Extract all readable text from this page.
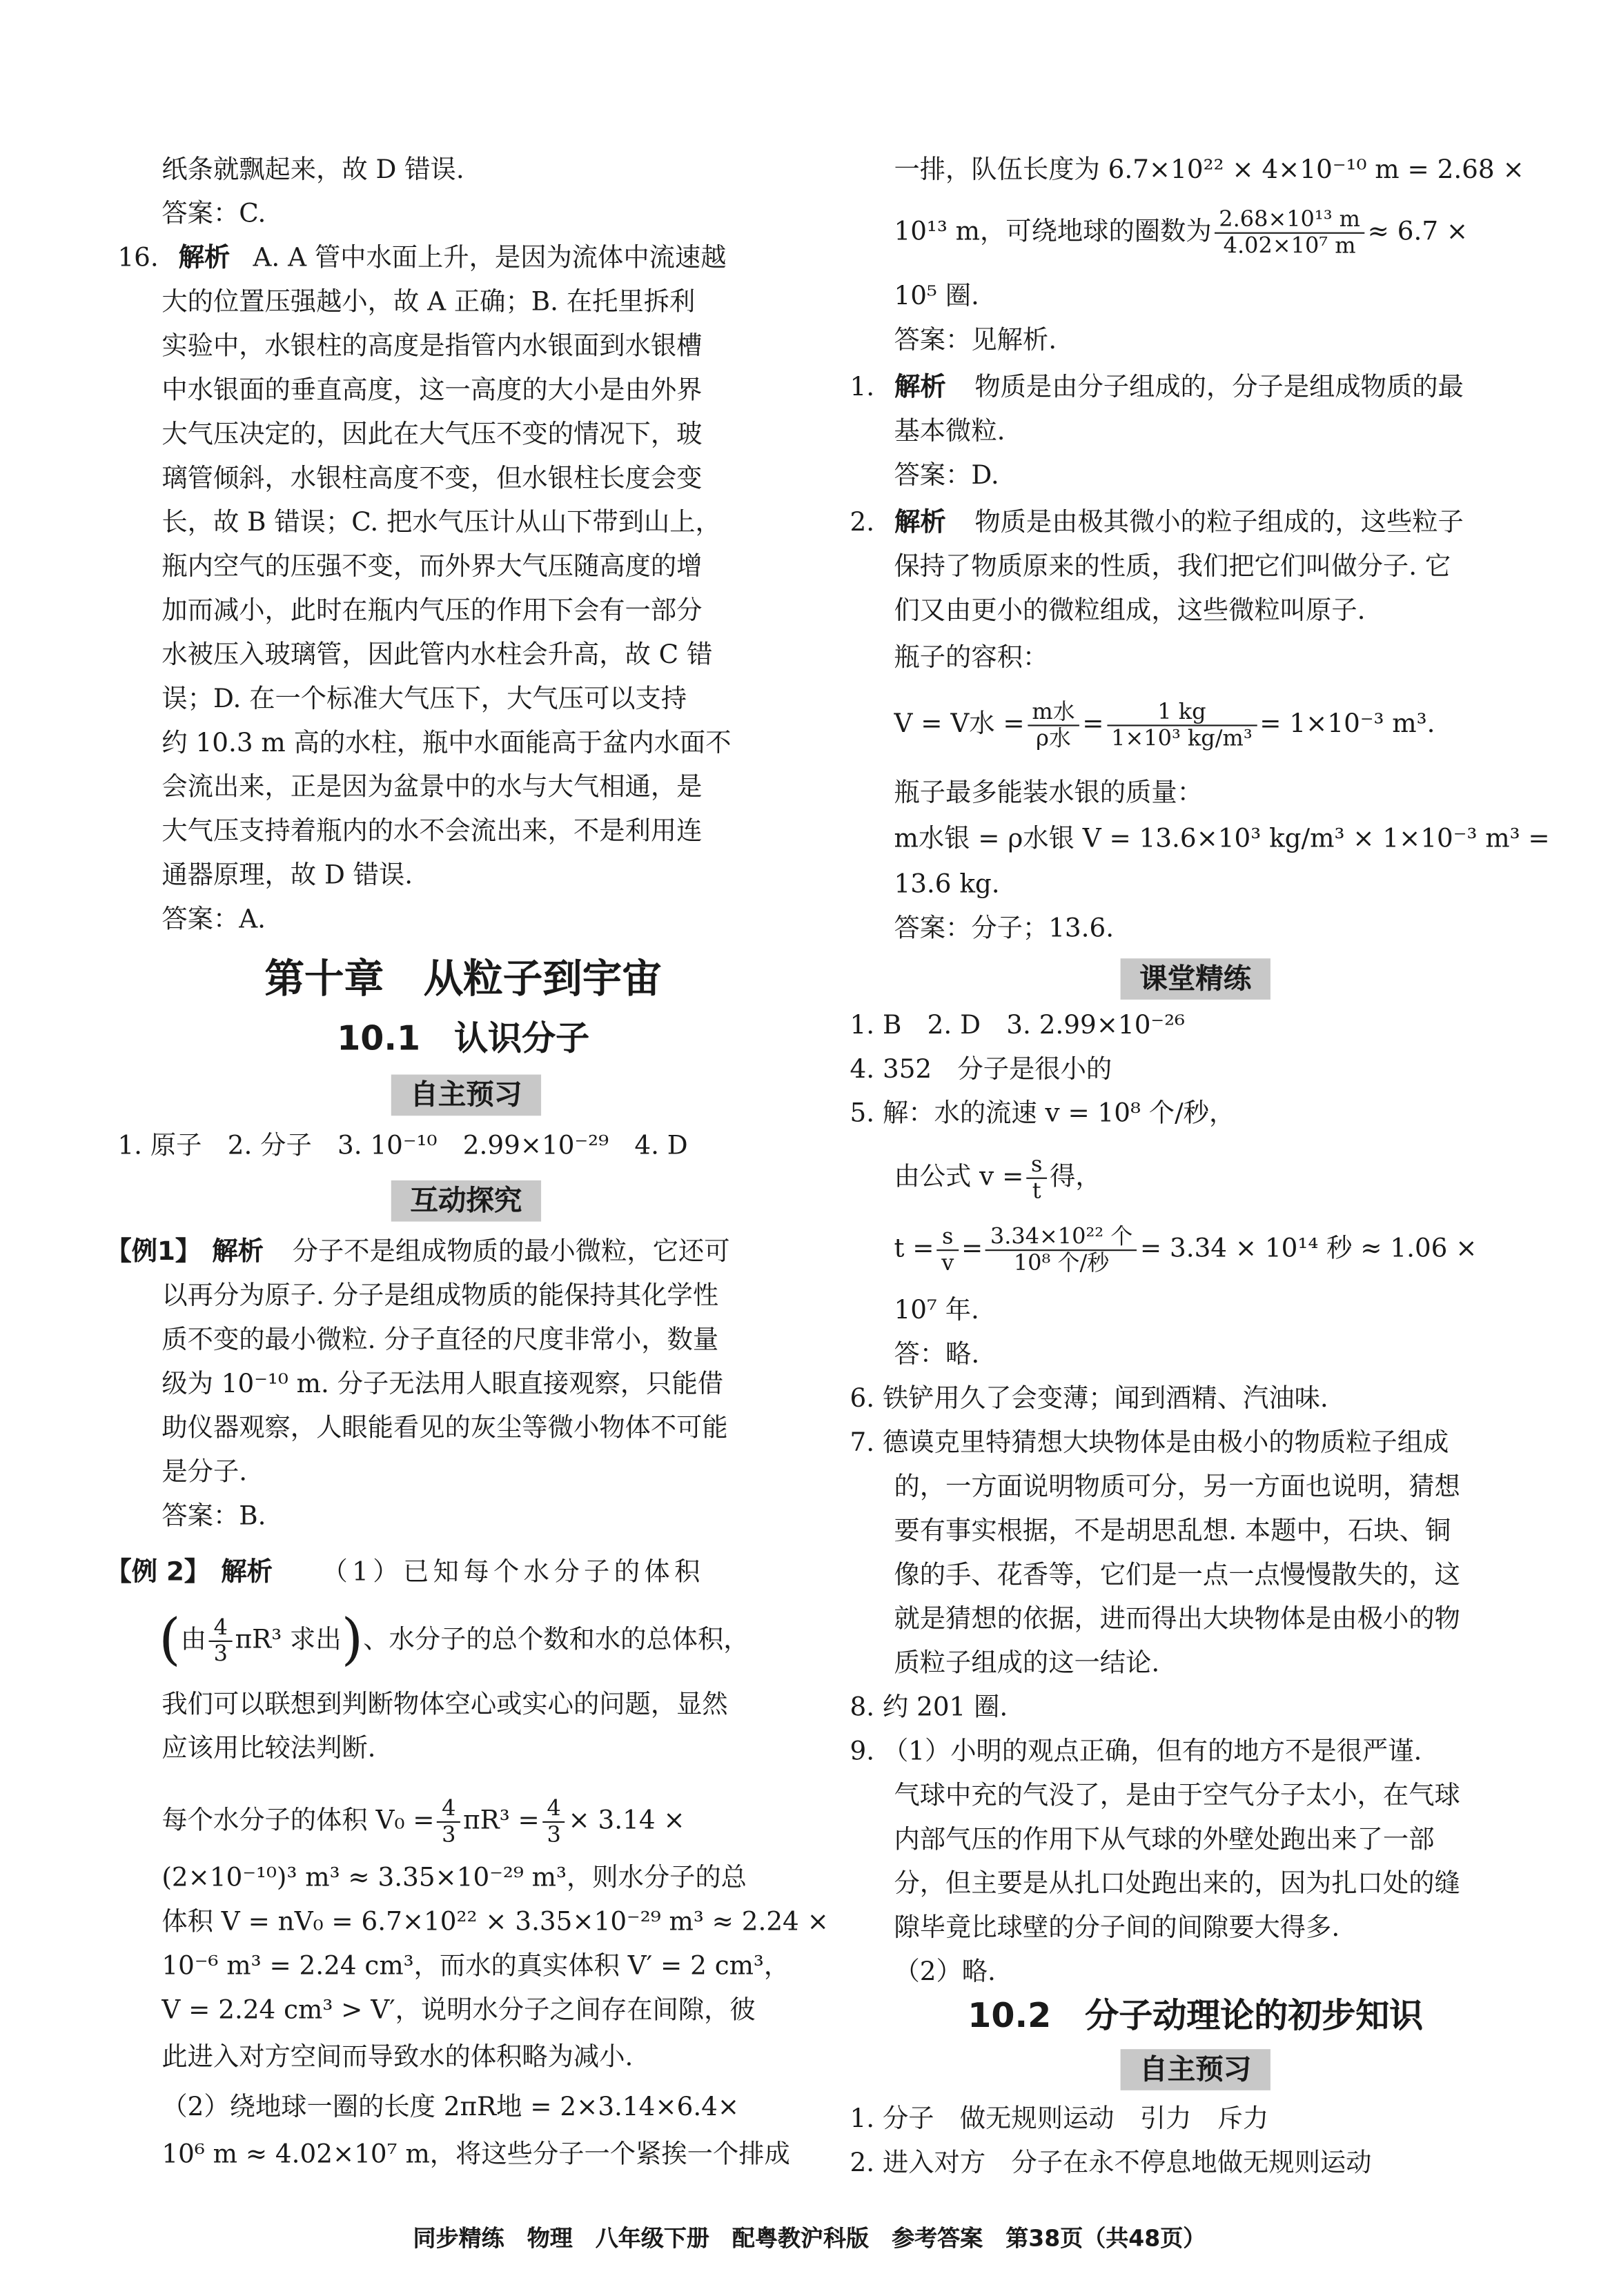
纸条就飘起来，故 D 错误.
答案：C.
16. 解析 A. A 管中水面上升，是因为流体中流速越
大的位置压强越小，故 A 正确；B. 在托里拆利
实验中，水银柱的高度是指管内水银面到水银槽
中水银面的垂直高度，这一高度的大小是由外界
大气压决定的，因此在大气压不变的情况下，玻
璃管倾斜，水银柱高度不变，但水银柱长度会变
长，故 B 错误；C. 把水气压计从山下带到山上，
瓶内空气的压强不变，而外界大气压随高度的增
加而减小，此时在瓶内气压的作用下会有一部分
水被压入玻璃管，因此管内水柱会升高，故 C 错
误；D. 在一个标准大气压下，大气压可以支持
约 10.3 m 高的水柱，瓶中水面能高于盆内水面不
会流出来，正是因为盆景中的水与大气相通，是
大气压支持着瓶内的水不会流出来，不是利用连
通器原理，故 D 错误.
答案：A.
第十章　从粒子到宇宙
10.1　认识分子
自主预习
1. 原子　2. 分子　3. 10⁻¹⁰　2.99×10⁻²⁹　4. D
互动探究
【例1】 解析 分子不是组成物质的最小微粒，它还可
以再分为原子. 分子是组成物质的能保持其化学性
质不变的最小微粒. 分子直径的尺度非常小，数量
级为 10⁻¹⁰ m. 分子无法用人眼直接观察，只能借
助仪器观察，人眼能看见的灰尘等微小物体不可能
是分子.
答案：B.
【例 2】 解析	（1）已知每个水分子的体积
(由 $\frac{4}{3} \pi R^3$ 求出)、水分子的总个数和水的总体积，
我们可以联想到判断物体空心或实心的问题，显然
应该用比较法判断.
每个水分子的体积 $V_0 = \frac{4}{3} \pi R^3 = \frac{4}{3} \times 3.14$ ×
(2×10⁻¹⁰)³ m³ ≈ 3.35×10⁻²⁹ m³，则水分子的总
体积 V = nV₀ = 6.7×10²² × 3.35×10⁻²⁹ m³ ≈ 2.24 ×
10⁻⁶ m³ = 2.24 cm³，而水的真实体积 V′ = 2 cm³，
V = 2.24 cm³ > V′，说明水分子之间存在间隙，彼
此进入对方空间而导致水的体积略为减小.
（2）绕地球一圈的长度 2πR地 = 2×3.14×6.4×
10⁶ m ≈ 4.02×10⁷ m，将这些分子一个紧挨一个排成
一排，队伍长度为 6.7×10²² × 4×10⁻¹⁰ m = 2.68 ×
10¹³ m，可绕地球的圈数为 $\frac{\text{2.68×10¹³ m}}{\text{4.02×10⁷ m}} \approx 6.7$ ×
10⁵ 圈.
答案：见解析.
1. 解析 物质是由分子组成的，分子是组成物质的最
基本微粒.
答案：D.
2. 解析 物质是由极其微小的粒子组成的，这些粒子
保持了物质原来的性质，我们把它们叫做分子. 它
们又由更小的微粒组成，这些微粒叫原子.
瓶子的容积：
V = V水 = $\frac{\text{m水}}{\text{ρ水}} = \frac{1 kg}{\text{1×10³ kg/m³}} = 1\times 10^{-3}$ m³.
瓶子最多能装水银的质量：
m水银 = ρ水银 V = 13.6×10³ kg/m³ × 1×10⁻³ m³ =
13.6 kg.
答案：分子；13.6.
课堂精练
1. B　2. D　3. 2.99×10⁻²⁶
4. 352　分子是很小的
5. 解：水的流速 v = 10⁸ 个/秒，
由公式 $v = \frac{s}{t}$ 得，
$t = \frac{s}{v} = \frac{\text{3.34×10²² 个}}{\text{10⁸ 个/秒}} = 3.34 \times 10^{14}$ 秒 ≈ 1.06 ×
10⁷ 年.
答：略.
6. 铁铲用久了会变薄；闻到酒精、汽油味.
7. 德谟克里特猜想大块物体是由极小的物质粒子组成
的，一方面说明物质可分，另一方面也说明，猜想
要有事实根据，不是胡思乱想. 本题中，石块、铜
像的手、花香等，它们是一点一点慢慢散失的，这
就是猜想的依据，进而得出大块物体是由极小的物
质粒子组成的这一结论.
8. 约 201 圈.
9. （1）小明的观点正确，但有的地方不是很严谨.
气球中充的气没了，是由于空气分子太小，在气球
内部气压的作用下从气球的外壁处跑出来了一部
分，但主要是从扎口处跑出来的，因为扎口处的缝
隙毕竟比球壁的分子间的间隙要大得多.
（2）略.
10.2　分子动理论的初步知识
自主预习
1. 分子　做无规则运动　引力　斥力
2. 进入对方　分子在永不停息地做无规则运动
同步精练　物理　八年级下册　配粤教沪科版　参考答案　第38页（共48页）
